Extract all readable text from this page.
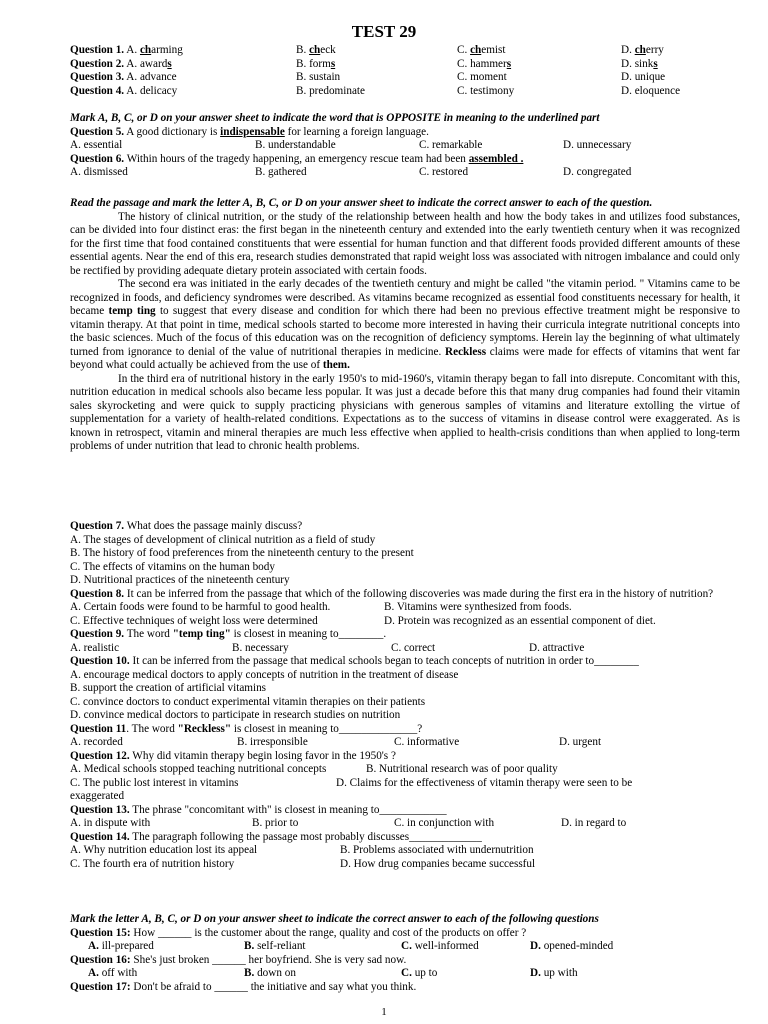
TEST 29
Question 1. A. charming	B. check	C. chemist	D. cherry
Question 2. A. awards	B. forms	C. hammers	D. sinks
Question 3. A. advance	B. sustain	C. moment	D. unique
Question 4. A. delicacy	B. predominate	C. testimony	D. eloquence
Mark A, B, C, or D on your answer sheet to indicate the word that is OPPOSITE in meaning to the underlined part
Question 5. A good dictionary is indispensable for learning a foreign language.
A. essential	B. understandable	C. remarkable	D. unnecessary
Question 6. Within hours of the tragedy happening, an emergency rescue team had been assembled .
A. dismissed	B. gathered	C. restored	D. congregated
Read the passage and mark the letter A, B, C, or D on your answer sheet to indicate the correct answer to each of the question.

The history of clinical nutrition, or the study of the relationship between health and how the body takes in and utilizes food substances, can be divided into four distinct eras: the first began in the nineteenth century and extended into the early twentieth century when it was recognized for the first time that food contained constituents that were essential for human function and that different foods provided different amounts of these essential agents. Near the end of this era, research studies demonstrated that rapid weight loss was associated with nitrogen imbalance and could only be rectified by providing adequate dietary protein associated with certain foods.

The second era was initiated in the early decades of the twentieth century and might be called "the vitamin period. " Vitamins came to be recognized in foods, and deficiency syndromes were described. As vitamins became recognized as essential food constituents necessary for health, it became temp ting to suggest that every disease and condition for which there had been no previous effective treatment might be responsive to vitamin therapy. At that point in time, medical schools started to become more interested in having their curricula integrate nutritional concepts into the basic sciences. Much of the focus of this education was on the recognition of deficiency symptoms. Herein lay the beginning of what ultimately turned from ignorance to denial of the value of nutritional therapies in medicine. Reckless claims were made for effects of vitamins that went far beyond what could actually be achieved from the use of them.

In the third era of nutritional history in the early 1950's to mid-1960's, vitamin therapy began to fall into disrepute. Concomitant with this, nutrition education in medical schools also became less popular. It was just a decade before this that many drug companies had found their vitamin sales skyrocketing and were quick to supply practicing physicians with generous samples of vitamins and literature extolling the virtue of supplementation for a variety of health-related conditions. Expectations as to the success of vitamins in disease control were exaggerated. As is known in retrospect, vitamin and mineral therapies are much less effective when applied to health-crisis conditions than when applied to long-term problems of under nutrition that lead to chronic health problems.

Question 7. What does the passage mainly discuss?
A. The stages of development of clinical nutrition as a field of study
B. The history of food preferences from the nineteenth century to the present
C. The effects of vitamins on the human body
D. Nutritional practices of the nineteenth century
Question 8. It can be inferred from the passage that which of the following discoveries was made during the first era in the history of nutrition?
A. Certain foods were found to be harmful to good health.	B. Vitamins were synthesized from foods.
C. Effective techniques of weight loss were determined	D. Protein was recognized as an essential component of diet.
Question 9. The word "temp ting" is closest in meaning to________.
A. realistic	B. necessary	C. correct	D. attractive
Question 10. It can be inferred from the passage that medical schools began to teach concepts of nutrition in order to________
A. encourage medical doctors to apply concepts of nutrition in the treatment of disease
B. support the creation of artificial vitamins
C. convince doctors to conduct experimental vitamin therapies on their patients
D. convince medical doctors to participate in research studies on nutrition
Question 11. The word "Reckless" is closest in meaning to______________?
A. recorded	B. irresponsible	C. informative	D. urgent
Question 12. Why did vitamin therapy begin losing favor in the 1950's ?
A. Medical schools stopped teaching nutritional concepts	B. Nutritional research was of poor quality
C. The public lost interest in vitamins	D. Claims for the effectiveness of vitamin therapy were seen to be
exaggerated
Question 13. The phrase "concomitant with" is closest in meaning to____________
A. in dispute with	B. prior to	C. in conjunction with	D. in regard to
Question 14. The paragraph following the passage most probably discusses_____________
A. Why nutrition education lost its appeal	B. Problems associated with undernutrition
C. The fourth era of nutrition history	D. How drug companies became successful
Mark the letter A, B, C, or D on your answer sheet to indicate the correct answer to each of the following questions
Question 15: How ______ is the customer about the range, quality and cost of the products on offer ?
A. ill-prepared	B. self-reliant	C. well-informed	D. opened-minded
Question 16: She's just broken ______ her boyfriend. She is very sad now.
A. off with	B. down on	C. up to	D. up with
Question 17: Don't be afraid to ______ the initiative and say what you think.
1
